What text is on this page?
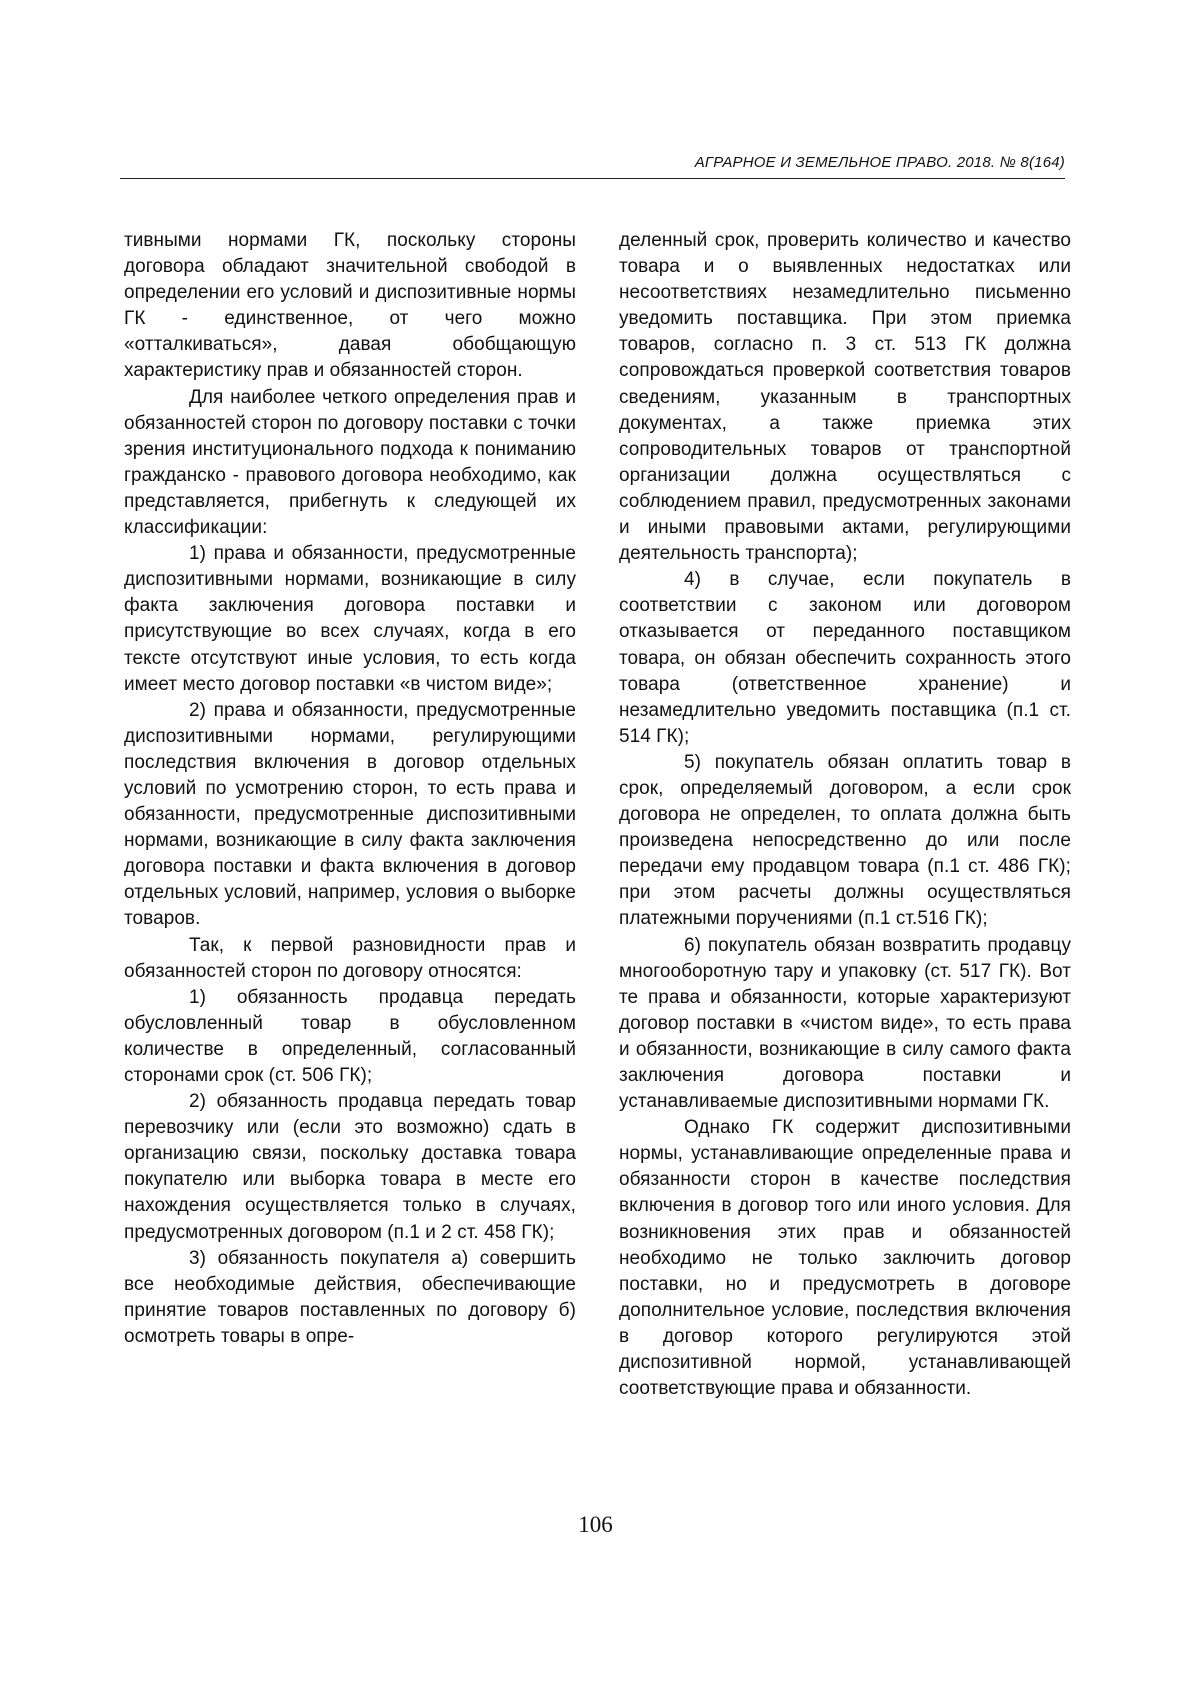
АГРАРНОЕ И ЗЕМЕЛЬНОЕ ПРАВО. 2018. № 8(164)

тивными нормами ГК, поскольку стороны договора обладают значительной свободой в определении его условий и диспозитивные нормы ГК - единственное, от чего можно «отталкиваться», давая обобщающую характеристику прав и обязанностей сторон.

Для наиболее четкого определения прав и обязанностей сторон по договору поставки с точки зрения институционального подхода к пониманию гражданско - правового договора необходимо, как представляется, прибегнуть к следующей их классификации:

1) права и обязанности, предусмотренные диспозитивными нормами, возникающие в силу факта заключения договора поставки и присутствующие во всех случаях, когда в его тексте отсутствуют иные условия, то есть когда имеет место договор поставки «в чистом виде»;

2) права и обязанности, предусмотренные диспозитивными нормами, регулирующими последствия включения в договор отдельных условий по усмотрению сторон, то есть права и обязанности, предусмотренные диспозитивными нормами, возникающие в силу факта заключения договора поставки и факта включения в договор отдельных условий, например, условия о выборке товаров.

Так, к первой разновидности прав и обязанностей сторон по договору относятся:

1) обязанность продавца передать обусловленный товар в обусловленном количестве в определенный, согласованный сторонами срок (ст. 506 ГК);

2) обязанность продавца передать товар перевозчику или (если это возможно) сдать в организацию связи, поскольку доставка товара покупателю или выборка товара в месте его нахождения осуществляется только в случаях, предусмотренных договором (п.1 и 2 ст. 458 ГК);

3) обязанность покупателя а) совершить все необходимые действия, обеспечивающие принятие товаров поставленных по договору б) осмотреть товары в опре-

деленный срок, проверить количество и качество товара и о выявленных недостатках или несоответствиях незамедлительно письменно уведомить поставщика. При этом приемка товаров, согласно п. 3 ст. 513 ГК должна сопровождаться проверкой соответствия товаров сведениям, указанным в транспортных документах, а также приемка этих сопроводительных товаров от транспортной организации должна осуществляться с соблюдением правил, предусмотренных законами и иными правовыми актами, регулирующими деятельность транспорта);

4) в случае, если покупатель в соответствии с законом или договором отказывается от переданного поставщиком товара, он обязан обеспечить сохранность этого товара (ответственное хранение) и незамедлительно уведомить поставщика (п.1 ст. 514 ГК);

5) покупатель обязан оплатить товар в срок, определяемый договором, а если срок договора не определен, то оплата должна быть произведена непосредственно до или после передачи ему продавцом товара (п.1 ст. 486 ГК); при этом расчеты должны осуществляться платежными поручениями (п.1 ст.516 ГК);

6) покупатель обязан возвратить продавцу многооборотную тару и упаковку (ст. 517 ГК). Вот те права и обязанности, которые характеризуют договор поставки в «чистом виде», то есть права и обязанности, возникающие в силу самого факта заключения договора поставки и устанавливаемые диспозитивными нормами ГК.

Однако ГК содержит диспозитивными нормы, устанавливающие определенные права и обязанности сторон в качестве последствия включения в договор того или иного условия. Для возникновения этих прав и обязанностей необходимо не только заключить договор поставки, но и предусмотреть в договоре дополнительное условие, последствия включения в договор которого регулируются этой диспозитивной нормой, устанавливающей соответствующие права и обязанности.

106
